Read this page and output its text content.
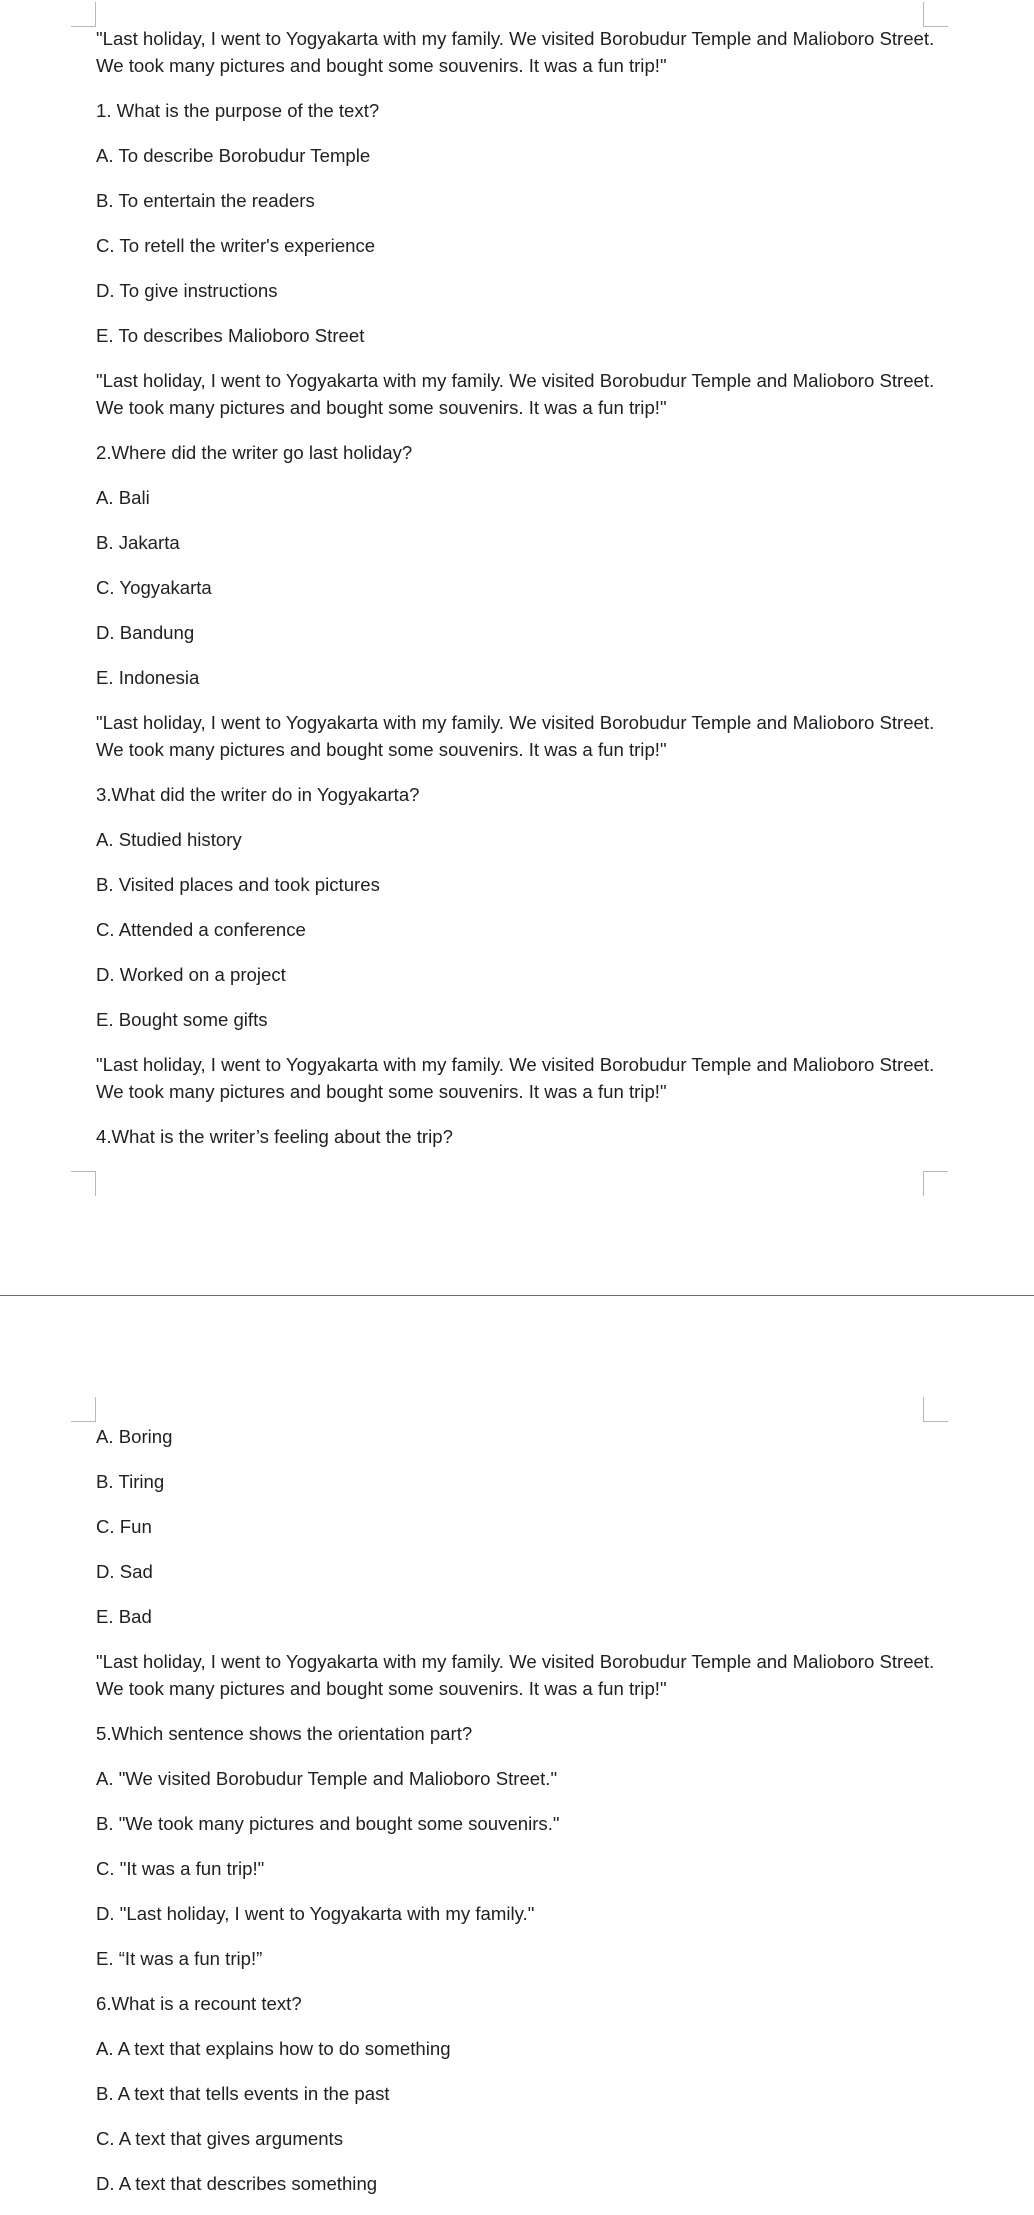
"Last holiday, I went to Yogyakarta with my family. We visited Borobudur Temple and Malioboro Street. We took many pictures and bought some souvenirs. It was a fun trip!"

1. What is the purpose of the text?

A. To describe Borobudur Temple

B. To entertain the readers

C. To retell the writer's experience

D. To give instructions

E. To describes Malioboro Street

"Last holiday, I went to Yogyakarta with my family. We visited Borobudur Temple and Malioboro Street. We took many pictures and bought some souvenirs. It was a fun trip!"

2.Where did the writer go last holiday?

A. Bali

B. Jakarta

C. Yogyakarta

D. Bandung

E. Indonesia

"Last holiday, I went to Yogyakarta with my family. We visited Borobudur Temple and Malioboro Street. We took many pictures and bought some souvenirs. It was a fun trip!"

3.What did the writer do in Yogyakarta?

A. Studied history

B. Visited places and took pictures

C. Attended a conference

D. Worked on a project

E. Bought some gifts

"Last holiday, I went to Yogyakarta with my family. We visited Borobudur Temple and Malioboro Street. We took many pictures and bought some souvenirs. It was a fun trip!"

4.What is the writer’s feeling about the trip?

A. Boring

B. Tiring

C. Fun

D. Sad

E. Bad

"Last holiday, I went to Yogyakarta with my family. We visited Borobudur Temple and Malioboro Street. We took many pictures and bought some souvenirs. It was a fun trip!"

5.Which sentence shows the orientation part?

A. "We visited Borobudur Temple and Malioboro Street."

B. "We took many pictures and bought some souvenirs."

C. "It was a fun trip!"

D. "Last holiday, I went to Yogyakarta with my family."

E. “It was a fun trip!”

6.What is a recount text?

A. A text that explains how to do something

B. A text that tells events in the past

C. A text that gives arguments

D. A text that describes something
